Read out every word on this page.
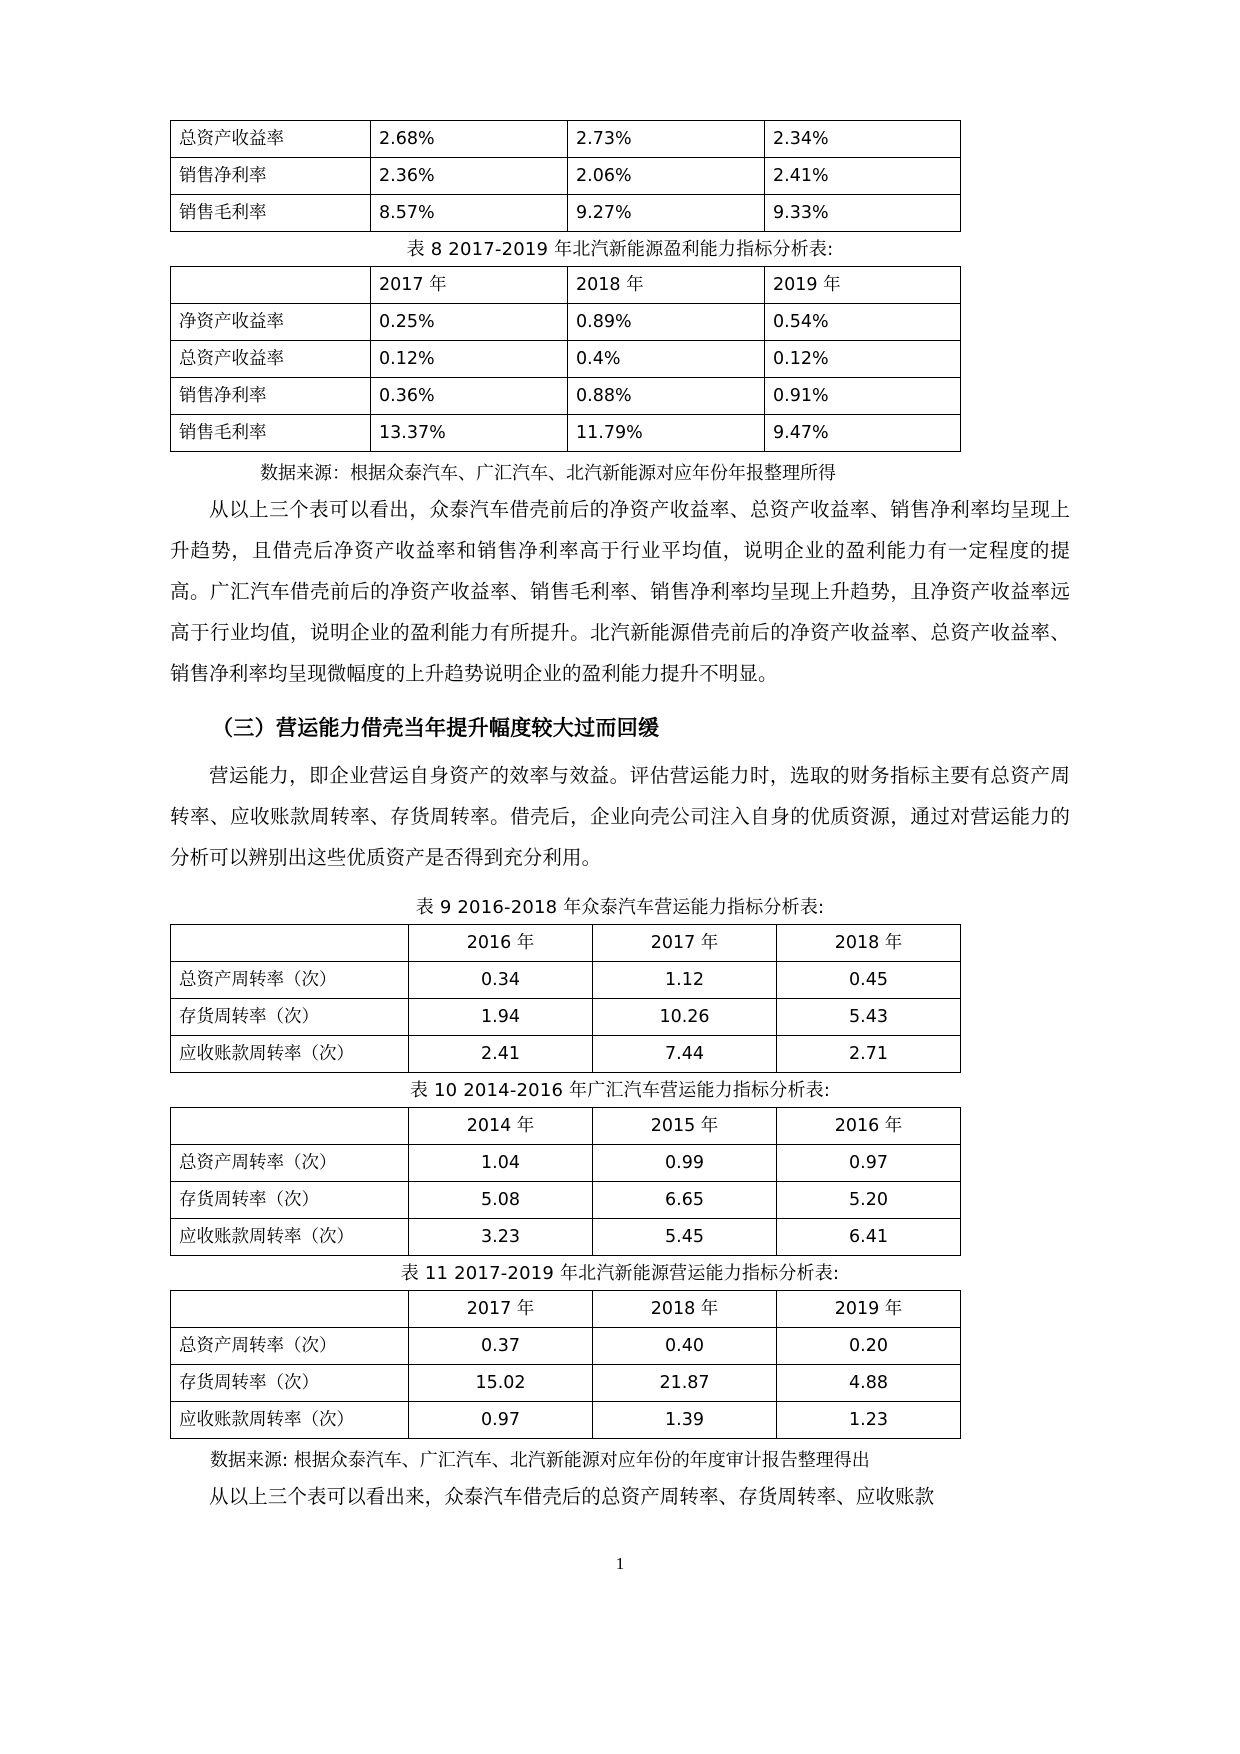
总资产收益率	2.68%	2.73%	2.34%
销售净利率	2.36%	2.06%	2.41%
销售毛利率	8.57%	9.27%	9.33%
表 8 2017-2019 年北汽新能源盈利能力指标分析表:
	2017 年	2018 年	2019 年
净资产收益率	0.25%	0.89%	0.54%
总资产收益率	0.12%	0.4%	0.12%
销售净利率	0.36%	0.88%	0.91%
销售毛利率	13.37%	11.79%	9.47%
数据来源：根据众泰汽车、广汇汽车、北汽新能源对应年份年报整理所得

从以上三个表可以看出，众泰汽车借壳前后的净资产收益率、总资产收益率、销售净利率均呈现上升趋势，且借壳后净资产收益率和销售净利率高于行业平均值，说明企业的盈利能力有一定程度的提高。广汇汽车借壳前后的净资产收益率、销售毛利率、销售净利率均呈现上升趋势，且净资产收益率远高于行业均值，说明企业的盈利能力有所提升。北汽新能源借壳前后的净资产收益率、总资产收益率、销售净利率均呈现微幅度的上升趋势说明企业的盈利能力提升不明显。

（三）营运能力借壳当年提升幅度较大过而回缓

营运能力，即企业营运自身资产的效率与效益。评估营运能力时，选取的财务指标主要有总资产周转率、应收账款周转率、存货周转率。借壳后，企业向壳公司注入自身的优质资源，通过对营运能力的分析可以辨别出这些优质资产是否得到充分利用。

表 9 2016-2018 年众泰汽车营运能力指标分析表:
	2016 年	2017 年	2018 年
总资产周转率（次）	0.34	1.12	0.45
存货周转率（次）	1.94	10.26	5.43
应收账款周转率（次）	2.41	7.44	2.71
表 10 2014-2016 年广汇汽车营运能力指标分析表:
	2014 年	2015 年	2016 年
总资产周转率（次）	1.04	0.99	0.97
存货周转率（次）	5.08	6.65	5.20
应收账款周转率（次）	3.23	5.45	6.41
表 11 2017-2019 年北汽新能源营运能力指标分析表:
	2017 年	2018 年	2019 年
总资产周转率（次）	0.37	0.40	0.20
存货周转率（次）	15.02	21.87	4.88
应收账款周转率（次）	0.97	1.39	1.23
数据来源: 根据众泰汽车、广汇汽车、北汽新能源对应年份的年度审计报告整理得出

从以上三个表可以看出来，众泰汽车借壳后的总资产周转率、存货周转率、应收账款

1
